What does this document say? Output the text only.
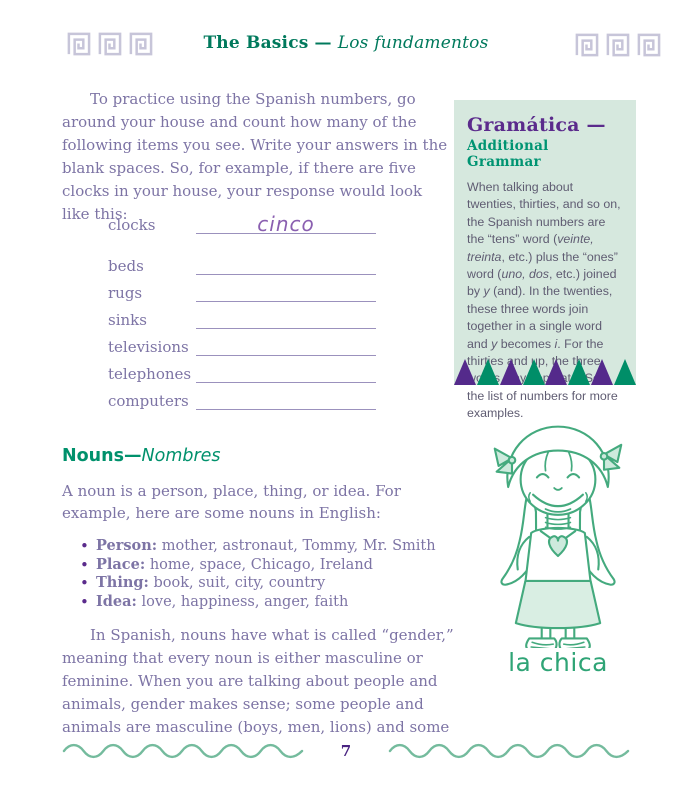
The Basics — Los fundamentos

To practice using the Spanish numbers, go around your house and count how many of the following items you see. Write your answers in the blank spaces. So, for example, if there are five clocks in your house, your response would look like this:

clocks	cinco
beds
rugs
sinks
televisions
telephones
computers
Gramática —
Additional Grammar

When talking about twenties, thirties, and so on, the Spanish numbers are the “tens” word (veinte, treinta, etc.) plus the “ones” word (uno, dos, etc.) joined by y (and). In the twenties, these three words join together in a single word and y becomes i. For the thirties and up, the three words stay separate. See the list of numbers for more examples.

Nouns—Nombres

A noun is a person, place, thing, or idea. For example, here are some nouns in English:

• Person: mother, astronaut, Tommy, Mr. Smith
• Place: home, space, Chicago, Ireland
• Thing: book, suit, city, country
• Idea: love, happiness, anger, faith

In Spanish, nouns have what is called “gender,” meaning that every noun is either masculine or feminine. When you are talking about people and animals, gender makes sense; some people and animals are masculine (boys, men, lions) and some

la chica
7
